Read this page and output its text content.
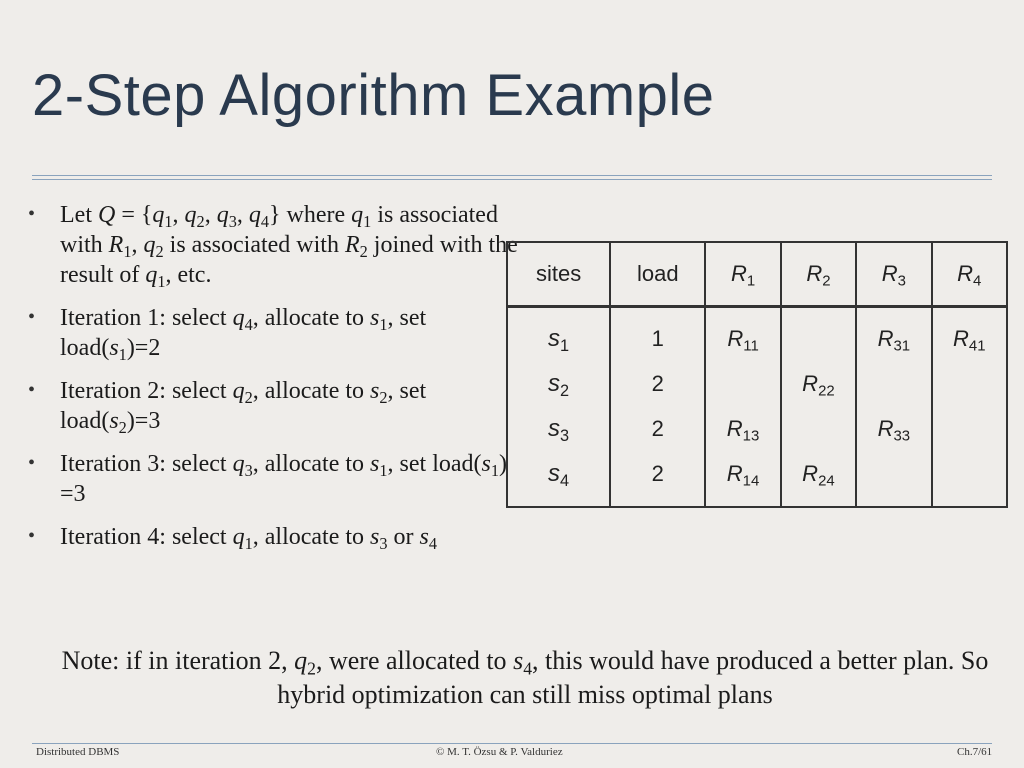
2-Step Algorithm Example
• Let $Q = \{q_1$, $q_2$, $q_3$, $q_4$} where $q_1$ is associated with $R_1$, $q_2$ is associated with $R_2$ joined with the result of $q_1$, etc.
• Iteration 1: select $q_4$, allocate to $s_1$, set $load(s_1)=2$
• Iteration 2: select $q_2$, allocate to $s_2$, set $load(s_2)=3$
• Iteration 3: select $q_3$, allocate to $s_1$, set $load(s_1) =3$
• Iteration 4: select $q_1$, allocate to $s_3$ or $s_4$
sites	load	$R_1$	$R_2$	$R_3$	$R_4$
$s_1$	1	$R_{11}$		$R_{31}$	$R_{41}$
$s_2$	2		$R_{22}$		
$s_3$	2	$R_{13}$		$R_{33}$	
$s_4$	2	$R_{14}$	$R_{24}$		
Note: if in iteration 2, $q_2$, were allocated to $s_4$, this would have produced a better plan. So hybrid optimization can still miss optimal plans
Distributed DBMS	© M. T. Özsu & P. Valduriez	Ch.7/61
